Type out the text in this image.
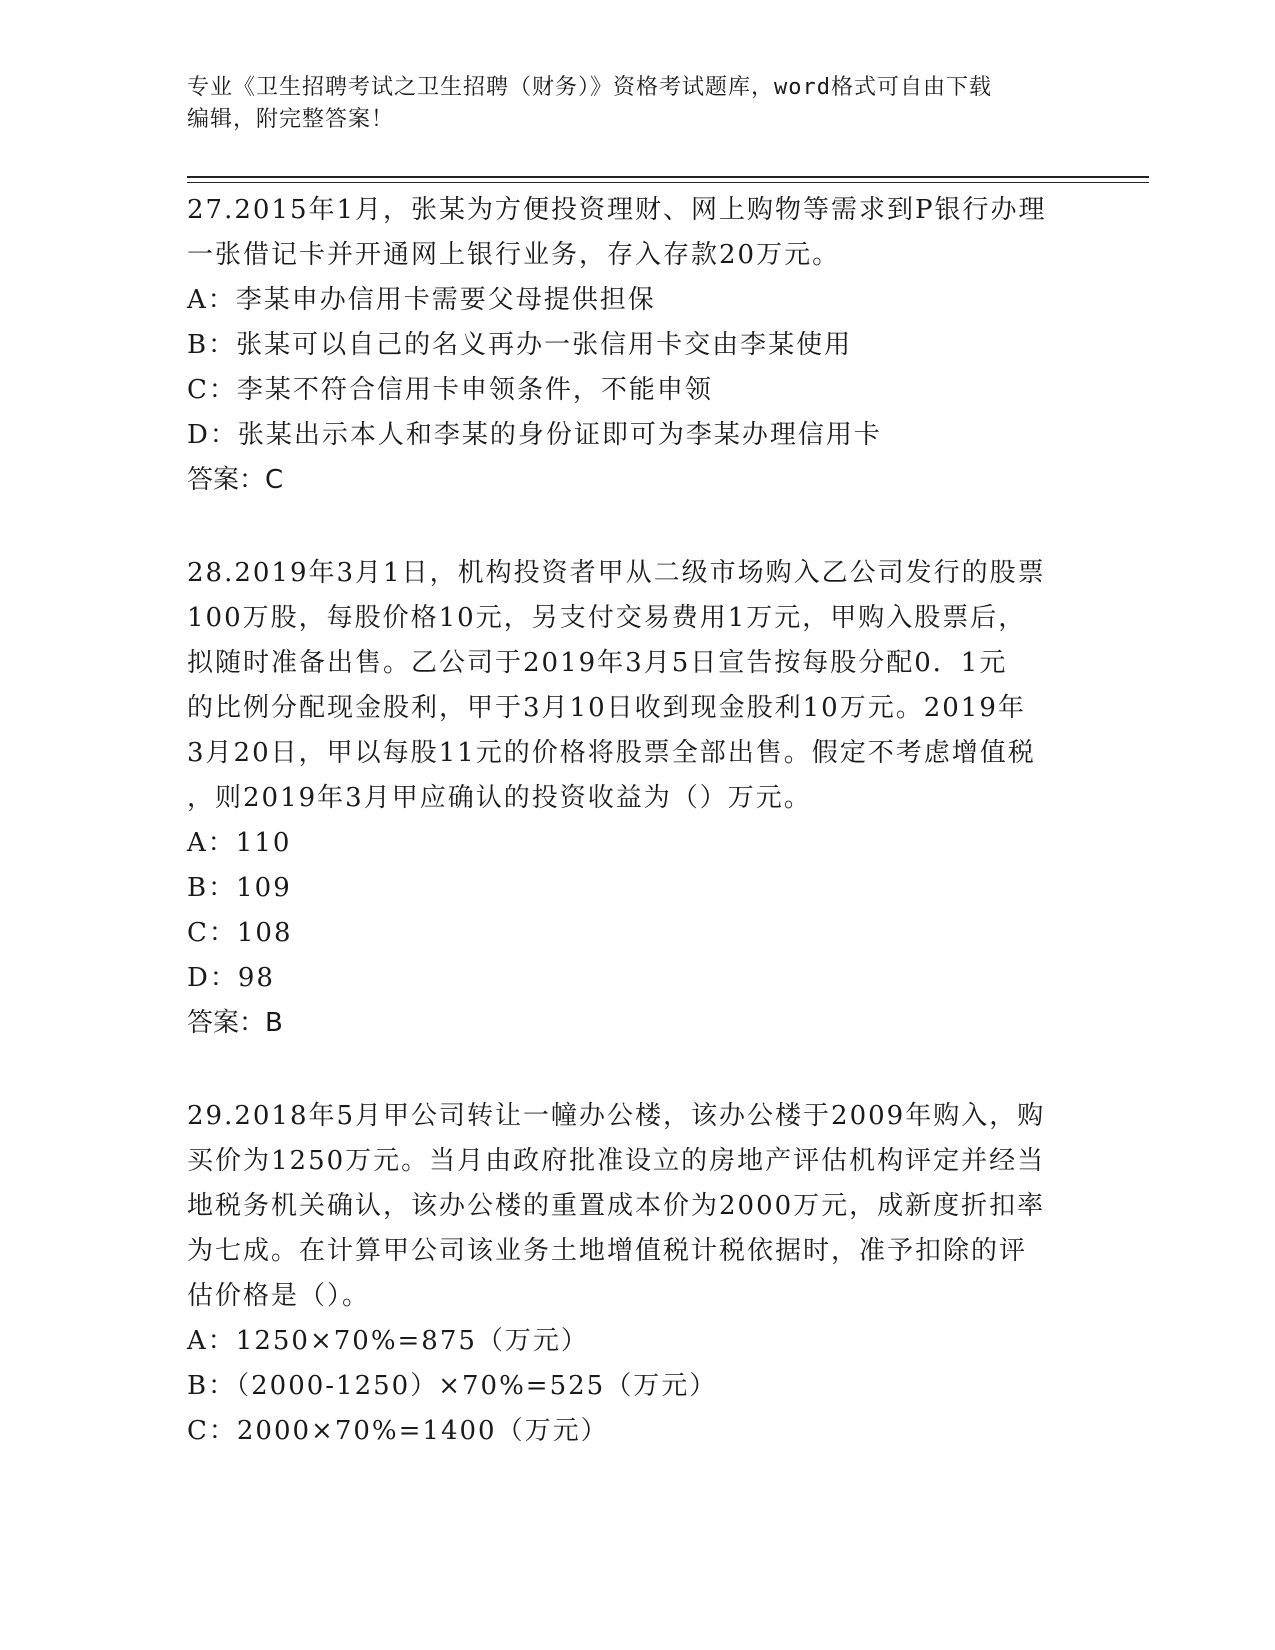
专业《卫生招聘考试之卫生招聘（财务）》资格考试题库，word格式可自由下载
编辑，附完整答案！

27.2015年1月，张某为方便投资理财、网上购物等需求到P银行办理

一张借记卡并开通网上银行业务，存入存款20万元。

A：李某申办信用卡需要父母提供担保

B：张某可以自己的名义再办一张信用卡交由李某使用

C：李某不符合信用卡申领条件，不能申领

D：张某出示本人和李某的身份证即可为李某办理信用卡

答案：C

28.2019年3月1日，机构投资者甲从二级市场购入乙公司发行的股票

100万股，每股价格10元，另支付交易费用1万元，甲购入股票后，

拟随时准备出售。乙公司于2019年3月5日宣告按每股分配0．1元

的比例分配现金股利，甲于3月10日收到现金股利10万元。2019年

3月20日，甲以每股11元的价格将股票全部出售。假定不考虑增值税

，则2019年3月甲应确认的投资收益为（）万元。

A：110

B：109

C：108

D：98

答案：B

29.2018年5月甲公司转让一幢办公楼，该办公楼于2009年购入，购

买价为1250万元。当月由政府批准设立的房地产评估机构评定并经当

地税务机关确认，该办公楼的重置成本价为2000万元，成新度折扣率

为七成。在计算甲公司该业务土地增值税计税依据时，准予扣除的评

估价格是（）。

A：1250×70%=875（万元）

B：（2000-1250）×70%=525（万元）

C：2000×70%=1400（万元）
